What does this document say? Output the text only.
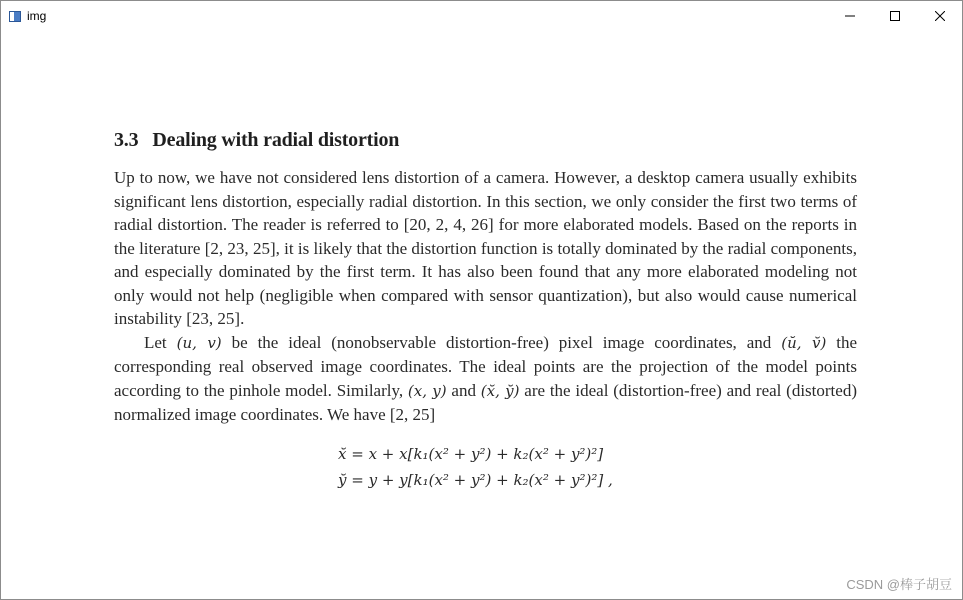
img
3.3 Dealing with radial distortion

Up to now, we have not considered lens distortion of a camera. However, a desktop camera usually exhibits significant lens distortion, especially radial distortion. In this section, we only consider the first two terms of radial distortion. The reader is referred to [20, 2, 4, 26] for more elaborated models. Based on the reports in the literature [2, 23, 25], it is likely that the distortion function is totally dominated by the radial components, and especially dominated by the first term. It has also been found that any more elaborated modeling not only would not help (negligible when compared with sensor quantization), but also would cause numerical instability [23, 25].

Let (u, v) be the ideal (nonobservable distortion-free) pixel image coordinates, and (ŭ, v̆) the corresponding real observed image coordinates. The ideal points are the projection of the model points according to the pinhole model. Similarly, (x, y) and (x̆, y̆) are the ideal (distortion-free) and real (distorted) normalized image coordinates. We have [2, 25]

x̆ = x + x[k₁(x² + y²) + k₂(x² + y²)²]
y̆ = y + y[k₁(x² + y²) + k₂(x² + y²)²] ,
CSDN @棒子胡豆
